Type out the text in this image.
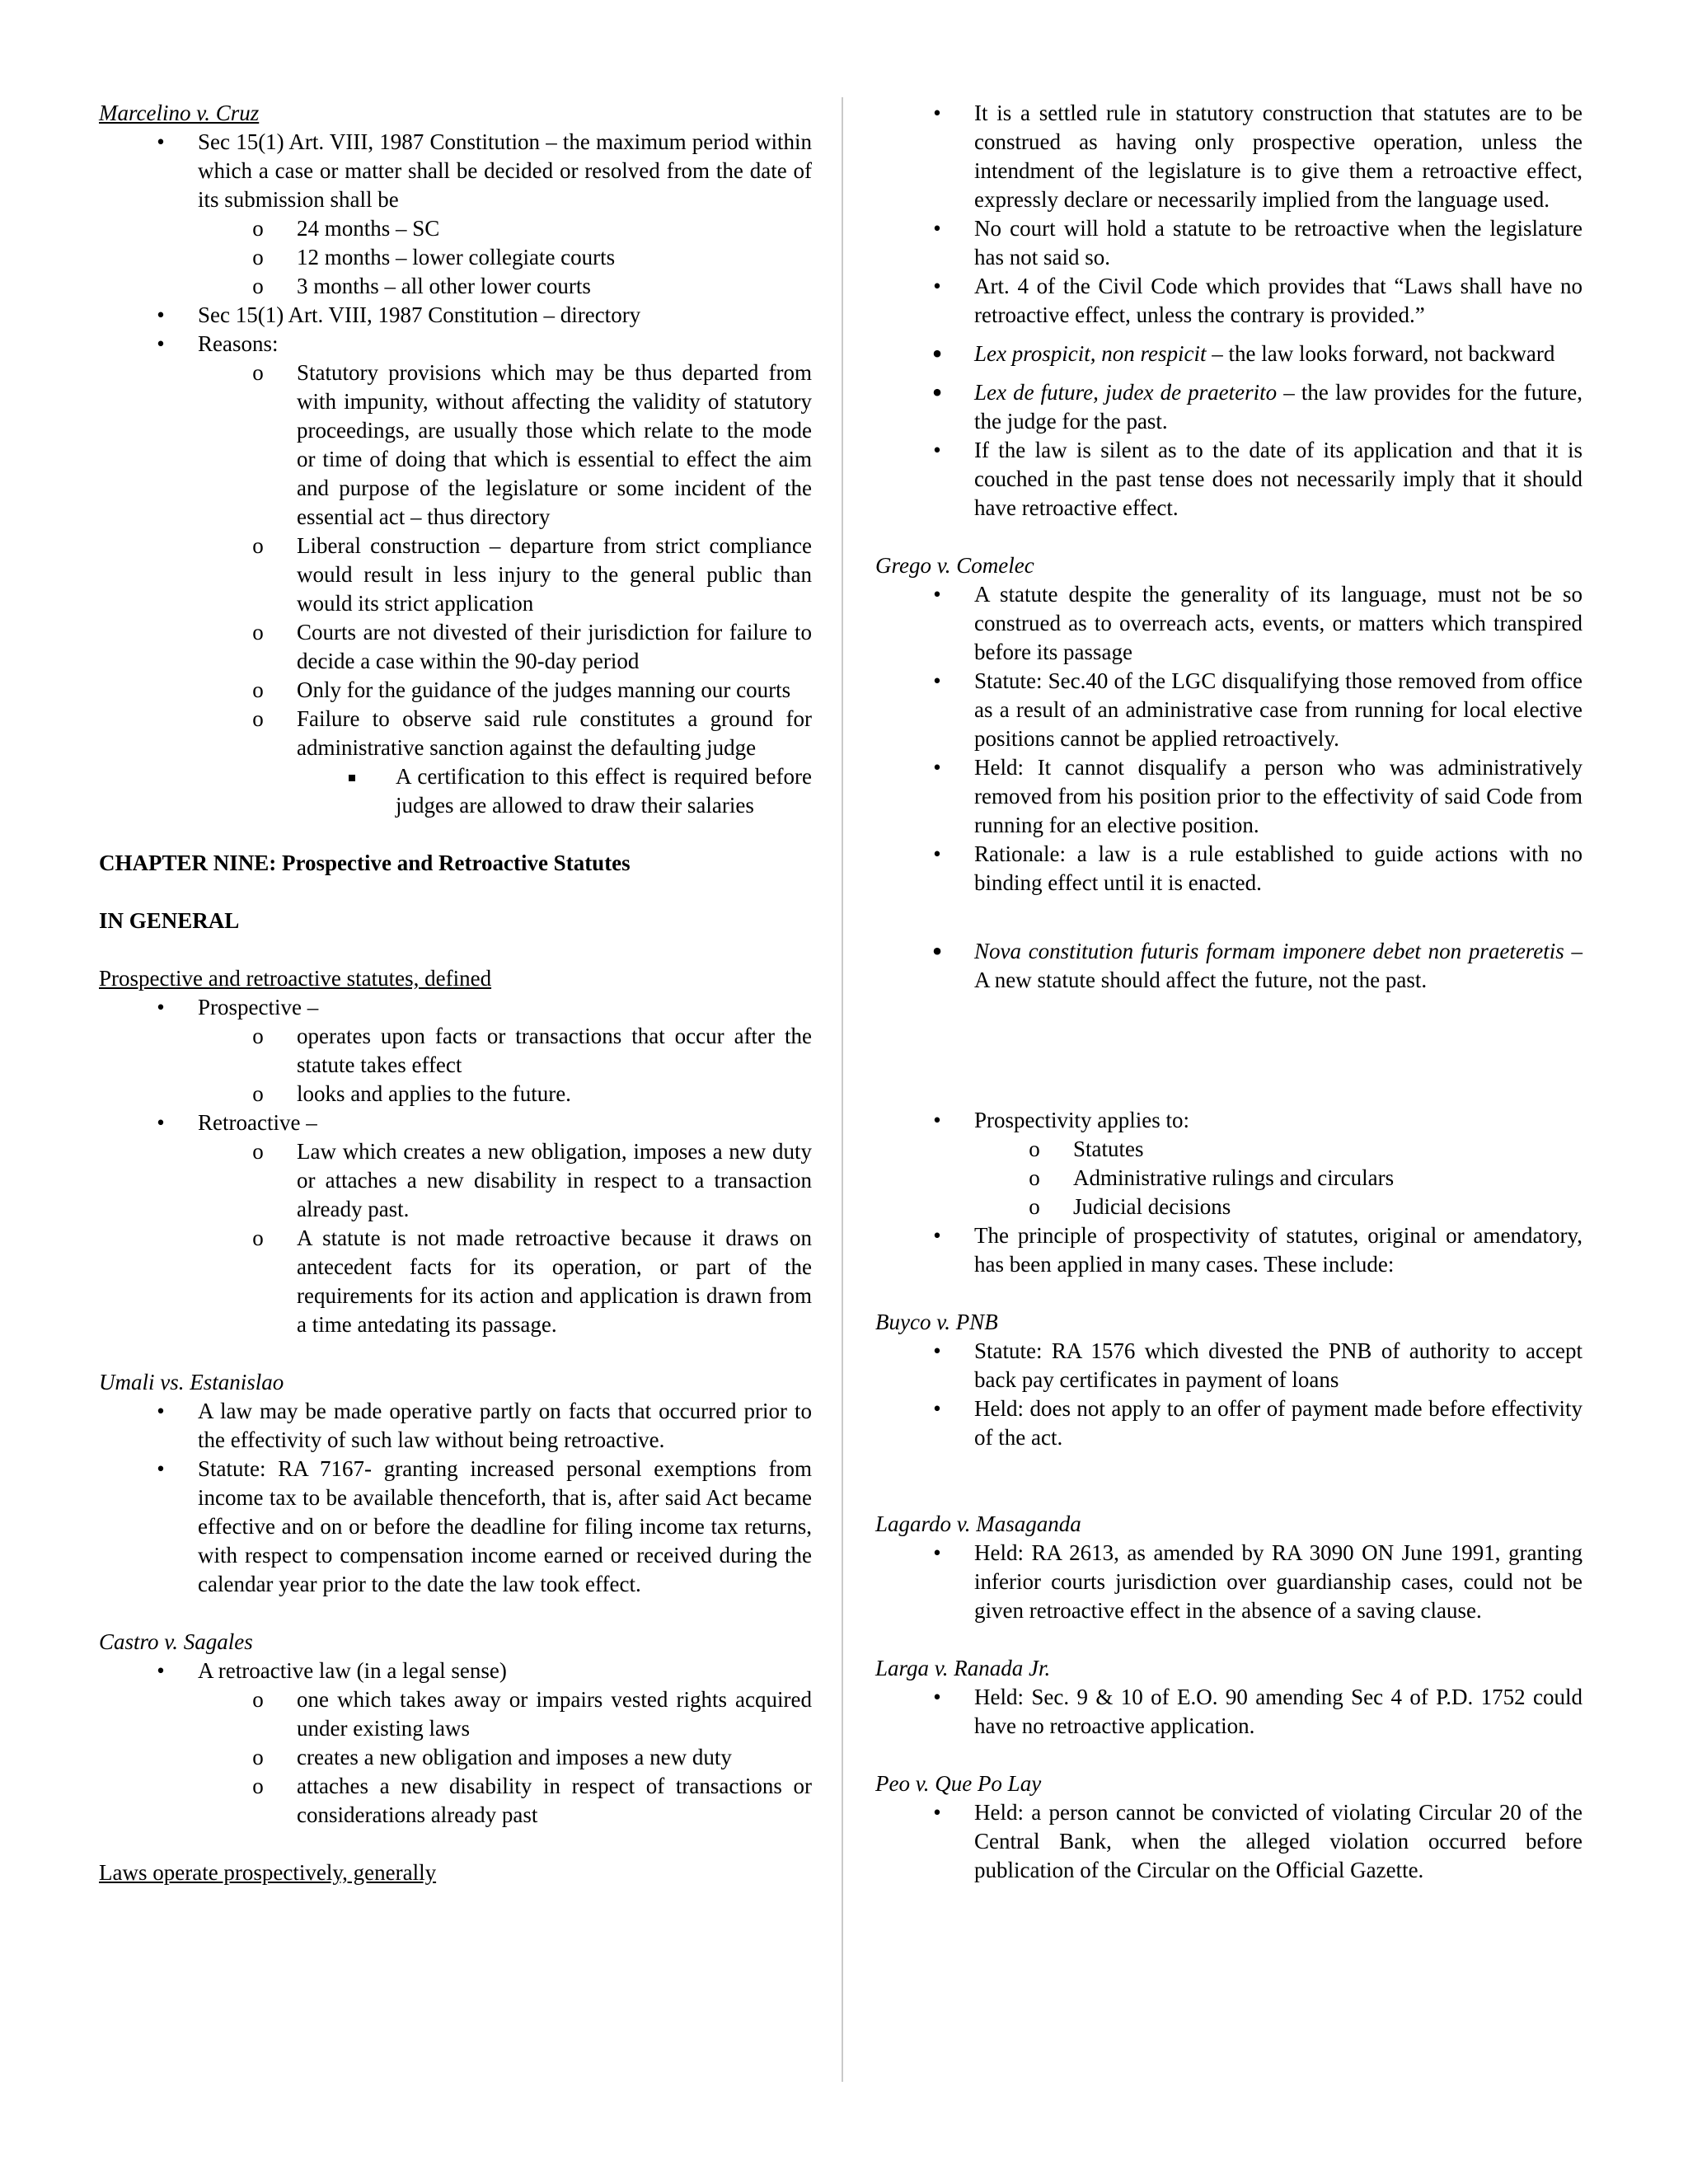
Marcelino v. Cruz

• Sec 15(1) Art. VIII, 1987 Constitution – the maximum period within which a case or matter shall be decided or resolved from the date of its submission shall be
o 24 months – SC
o 12 months – lower collegiate courts
o 3 months – all other lower courts
• Sec 15(1) Art. VIII, 1987 Constitution – directory
• Reasons:
o Statutory provisions which may be thus departed from with impunity, without affecting the validity of statutory proceedings, are usually those which relate to the mode or time of doing that which is essential to effect the aim and purpose of the legislature or some incident of the essential act – thus directory
o Liberal construction – departure from strict compliance would result in less injury to the general public than would its strict application
o Courts are not divested of their jurisdiction for failure to decide a case within the 90-day period
o Only for the guidance of the judges manning our courts
o Failure to observe said rule constitutes a ground for administrative sanction against the defaulting judge
A certification to this effect is required before judges are allowed to draw their salaries

CHAPTER NINE: Prospective and Retroactive Statutes

IN GENERAL

Prospective and retroactive statutes, defined

• Prospective –
o operates upon facts or transactions that occur after the statute takes effect
o looks and applies to the future.
• Retroactive –
o Law which creates a new obligation, imposes a new duty or attaches a new disability in respect to a transaction already past.
o A statute is not made retroactive because it draws on antecedent facts for its operation, or part of the requirements for its action and application is drawn from a time antedating its passage.

Umali vs. Estanislao

• A law may be made operative partly on facts that occurred prior to the effectivity of such law without being retroactive.
• Statute: RA 7167- granting increased personal exemptions from income tax to be available thenceforth, that is, after said Act became effective and on or before the deadline for filing income tax returns, with respect to compensation income earned or received during the calendar year prior to the date the law took effect.

Castro v. Sagales

• A retroactive law (in a legal sense)
o one which takes away or impairs vested rights acquired under existing laws
o creates a new obligation and imposes a new duty
o attaches a new disability in respect of transactions or considerations already past

Laws operate prospectively, generally

• It is a settled rule in statutory construction that statutes are to be construed as having only prospective operation, unless the intendment of the legislature is to give them a retroactive effect, expressly declare or necessarily implied from the language used.
• No court will hold a statute to be retroactive when the legislature has not said so.
• Art. 4 of the Civil Code which provides that “Laws shall have no retroactive effect, unless the contrary is provided.”
• Lex prospicit, non respicit – the law looks forward, not backward
• Lex de future, judex de praeterito – the law provides for the future, the judge for the past.
• If the law is silent as to the date of its application and that it is couched in the past tense does not necessarily imply that it should have retroactive effect.

Grego v. Comelec

• A statute despite the generality of its language, must not be so construed as to overreach acts, events, or matters which transpired before its passage
• Statute: Sec.40 of the LGC disqualifying those removed from office as a result of an administrative case from running for local elective positions cannot be applied retroactively.
• Held: It cannot disqualify a person who was administratively removed from his position prior to the effectivity of said Code from running for an elective position.
• Rationale: a law is a rule established to guide actions with no binding effect until it is enacted.
• Nova constitution futuris formam imponere debet non praeteretis – A new statute should affect the future, not the past.
• Prospectivity applies to:
o Statutes
o Administrative rulings and circulars
o Judicial decisions
• The principle of prospectivity of statutes, original or amendatory, has been applied in many cases. These include:

Buyco v. PNB

• Statute: RA 1576 which divested the PNB of authority to accept back pay certificates in payment of loans
• Held: does not apply to an offer of payment made before effectivity of the act.

Lagardo v. Masaganda

• Held: RA 2613, as amended by RA 3090 ON June 1991, granting inferior courts jurisdiction over guardianship cases, could not be given retroactive effect in the absence of a saving clause.

Larga v. Ranada Jr.

• Held: Sec. 9 & 10 of E.O. 90 amending Sec 4 of P.D. 1752 could have no retroactive application.

Peo v. Que Po Lay

• Held: a person cannot be convicted of violating Circular 20 of the Central Bank, when the alleged violation occurred before publication of the Circular on the Official Gazette.
